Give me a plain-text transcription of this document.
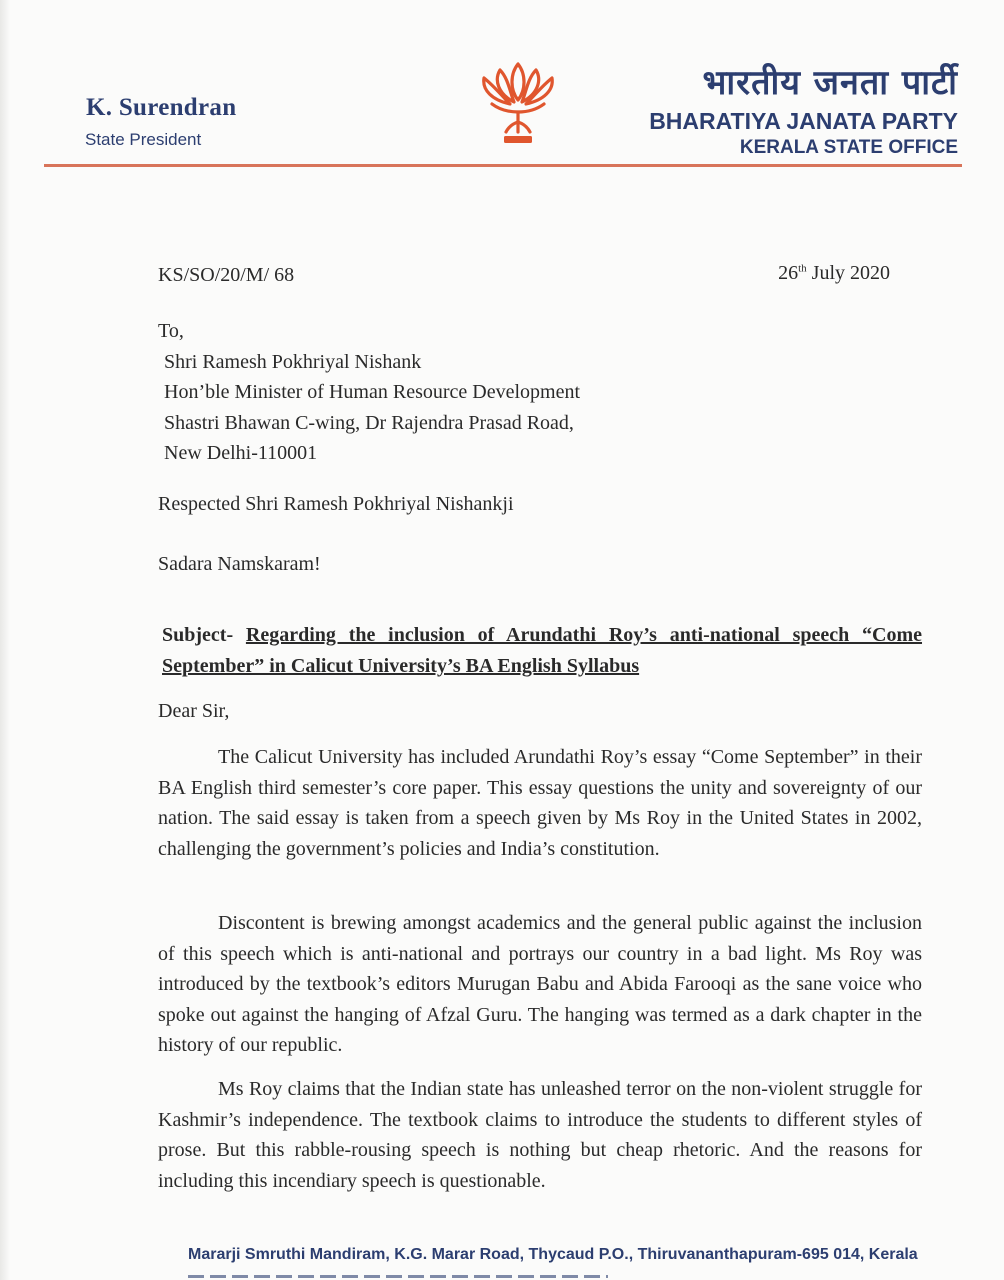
K. Surendran
State President
भारतीय जनता पार्टी
BHARATIYA JANATA PARTY
KERALA STATE OFFICE
KS/SO/20/M/ 68	26th July 2020
To,
Shri Ramesh Pokhriyal Nishank
Hon’ble Minister of Human Resource Development
Shastri Bhawan C-wing, Dr Rajendra Prasad Road,
New Delhi-110001
Respected Shri Ramesh Pokhriyal Nishankji
Sadara Namskaram!
Subject- Regarding the inclusion of Arundathi Roy’s anti-national speech “Come September” in Calicut University’s BA English Syllabus
Dear Sir,

The Calicut University has included Arundathi Roy’s essay “Come September” in their BA English third semester’s core paper. This essay questions the unity and sovereignty of our nation. The said essay is taken from a speech given by Ms Roy in the United States in 2002, challenging the government’s policies and India’s constitution.

Discontent is brewing amongst academics and the general public against the inclusion of this speech which is anti-national and portrays our country in a bad light. Ms Roy was introduced by the textbook’s editors Murugan Babu and Abida Farooqi as the sane voice who spoke out against the hanging of Afzal Guru. The hanging was termed as a dark chapter in the history of our republic.

Ms Roy claims that the Indian state has unleashed terror on the non-violent struggle for Kashmir’s independence. The textbook claims to introduce the students to different styles of prose. But this rabble-rousing speech is nothing but cheap rhetoric. And the reasons for including this incendiary speech is questionable.

Mararji Smruthi Mandiram, K.G. Marar Road, Thycaud P.O., Thiruvananthapuram-695 014, Kerala
